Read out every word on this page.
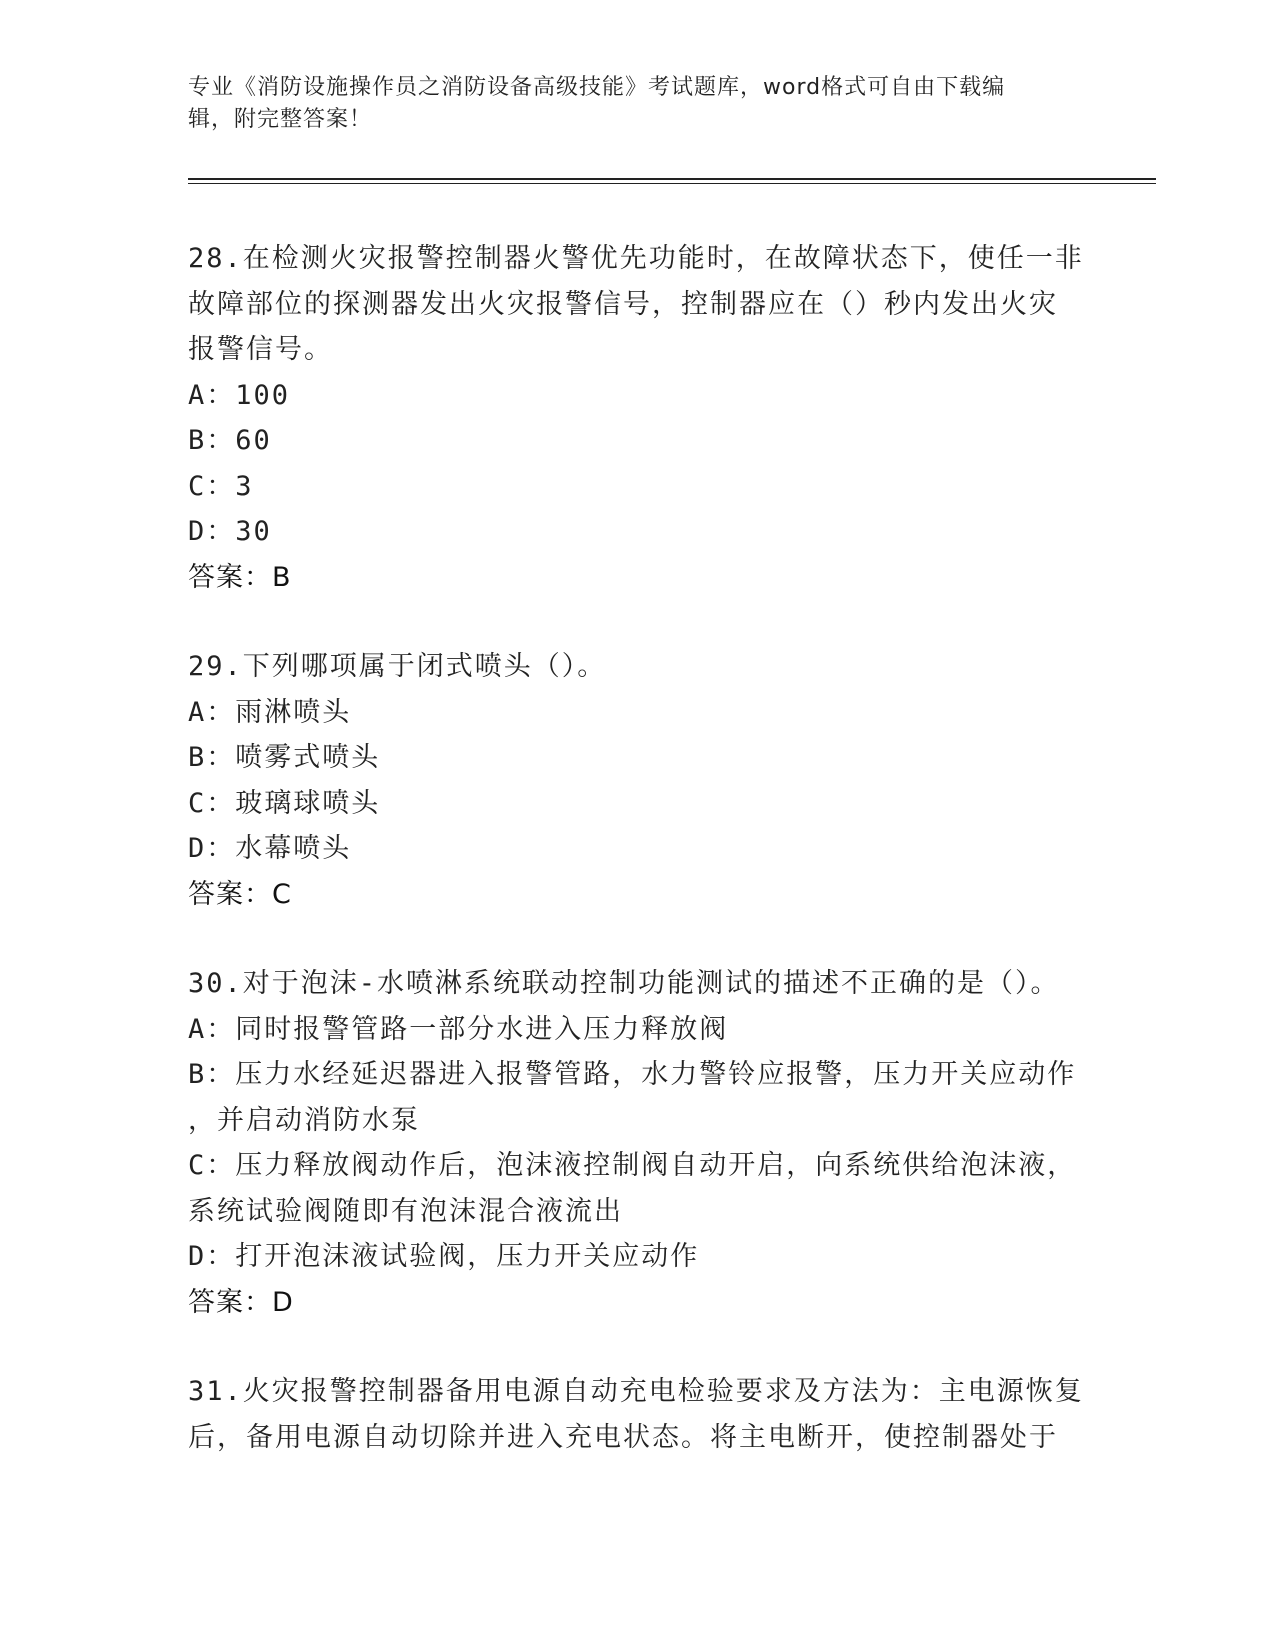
专业《消防设施操作员之消防设备高级技能》考试题库，word格式可自由下载编
辑，附完整答案！
28.在检测火灾报警控制器火警优先功能时，在故障状态下，使任一非
故障部位的探测器发出火灾报警信号，控制器应在（）秒内发出火灾
报警信号。
A：100
B：60
C：3
D：30
答案：B
29.下列哪项属于闭式喷头（）。
A：雨淋喷头
B：喷雾式喷头
C：玻璃球喷头
D：水幕喷头
答案：C
30.对于泡沫-水喷淋系统联动控制功能测试的描述不正确的是（）。
A：同时报警管路一部分水进入压力释放阀
B：压力水经延迟器进入报警管路，水力警铃应报警，压力开关应动作
，并启动消防水泵
C：压力释放阀动作后，泡沫液控制阀自动开启，向系统供给泡沫液，
系统试验阀随即有泡沫混合液流出
D：打开泡沫液试验阀，压力开关应动作
答案：D
31.火灾报警控制器备用电源自动充电检验要求及方法为：主电源恢复
后，备用电源自动切除并进入充电状态。将主电断开，使控制器处于
